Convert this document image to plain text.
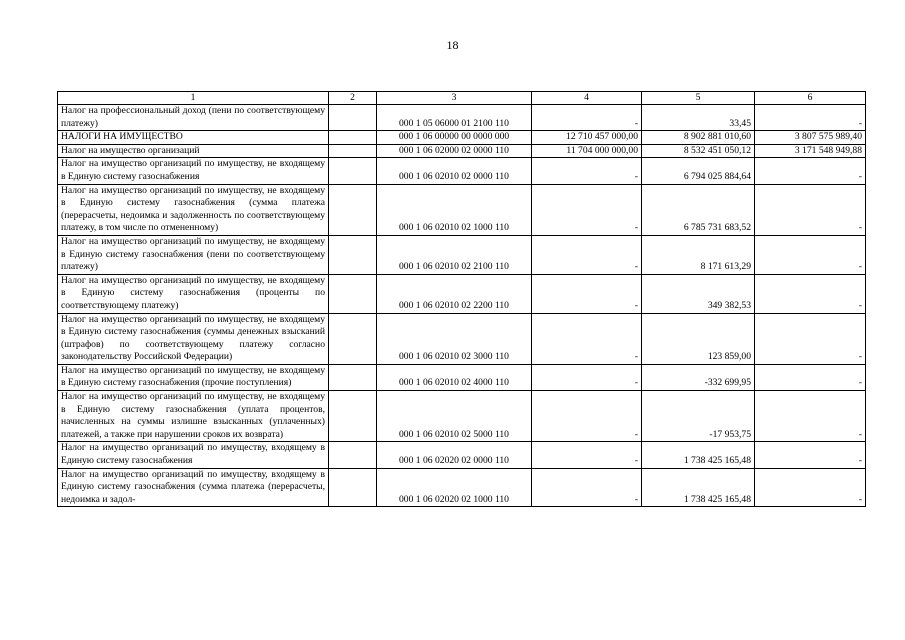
18
1	2	3	4	5	6
Налог на профессиональный доход (пени по соответствующему платежу)		000 1 05 06000 01 2100 110	-	33,45	-
НАЛОГИ НА ИМУЩЕСТВО		000 1 06 00000 00 0000 000	12 710 457 000,00	8 902 881 010,60	3 807 575 989,40
Налог на имущество организаций		000 1 06 02000 02 0000 110	11 704 000 000,00	8 532 451 050,12	3 171 548 949,88
Налог на имущество организаций по имуществу, не входящему в Единую систему газоснабжения		000 1 06 02010 02 0000 110	-	6 794 025 884,64	-
Налог на имущество организаций по имуществу, не входящему в Единую систему газоснабжения (сумма платежа (перерасчеты, недоимка и задолженность по соответствующему платежу, в том числе по отмененному)		000 1 06 02010 02 1000 110	-	6 785 731 683,52	-
Налог на имущество организаций по имуществу, не входящему в Единую систему газоснабжения (пени по соответствующему платежу)		000 1 06 02010 02 2100 110	-	8 171 613,29	-
Налог на имущество организаций по имуществу, не входящему в Единую систему газоснабжения (проценты по соответствующему платежу)		000 1 06 02010 02 2200 110	-	349 382,53	-
Налог на имущество организаций по имуществу, не входящему в Единую систему газоснабжения (суммы денежных взысканий (штрафов) по соответствующему платежу согласно законодательству Российской Федерации)		000 1 06 02010 02 3000 110	-	123 859,00	-
Налог на имущество организаций по имуществу, не входящему в Единую систему газоснабжения (прочие поступления)		000 1 06 02010 02 4000 110	-	-332 699,95	-
Налог на имущество организаций по имуществу, не входящему в Единую систему газоснабжения (уплата процентов, начисленных на суммы излишне взысканных (уплаченных) платежей, а также при нарушении сроков их возврата)		000 1 06 02010 02 5000 110	-	-17 953,75	-
Налог на имущество организаций по имуществу, входящему в Единую систему газоснабжения		000 1 06 02020 02 0000 110	-	1 738 425 165,48	-
Налог на имущество организаций по имуществу, входящему в Единую систему газоснабжения (сумма платежа (перерасчеты, недоимка и задол-		000 1 06 02020 02 1000 110	-	1 738 425 165,48	-
